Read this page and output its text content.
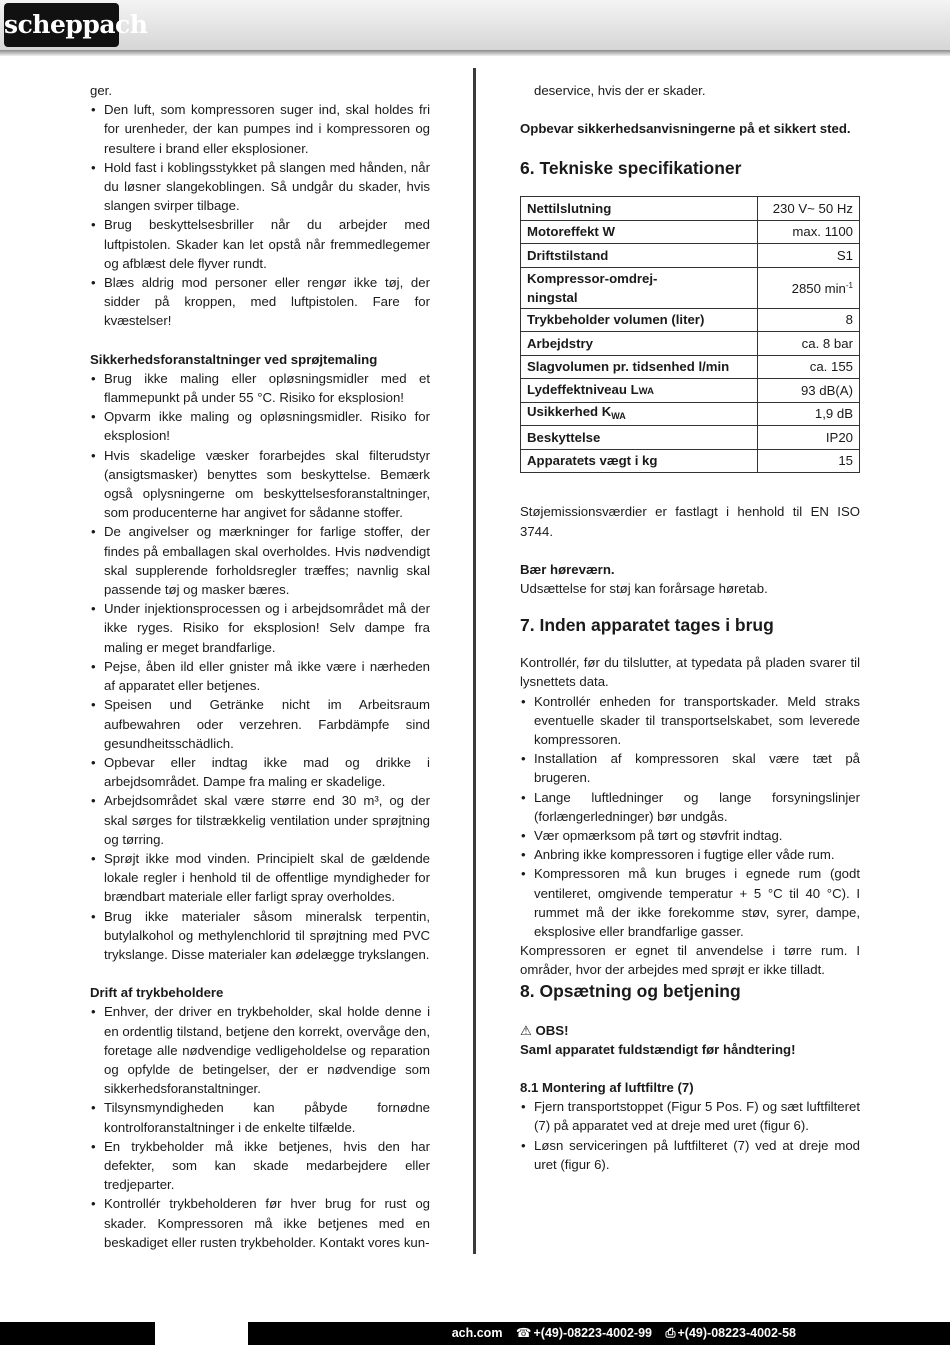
scheppach

ger.

• Den luft, som kompressoren suger ind, skal holdes fri for urenheder, der kan pumpes ind i kompressoren og resultere i brand eller eksplosioner.
• Hold fast i koblingsstykket på slangen med hånden, når du løsner slangekoblingen. Så undgår du skader, hvis slangen svirper tilbage.
• Brug beskyttelsesbriller når du arbejder med luftpistolen. Skader kan let opstå når fremmedlegemer og afblæst dele flyver rundt.
• Blæs aldrig mod personer eller rengør ikke tøj, der sidder på kroppen, med luftpistolen. Fare for kvæstelser!

Sikkerhedsforanstaltninger ved sprøjtemaling

• Brug ikke maling eller opløsningsmidler med et flammepunkt på under 55 °C. Risiko for eksplosion!
• Opvarm ikke maling og opløsningsmidler. Risiko for eksplosion!
• Hvis skadelige væsker forarbejdes skal filterudstyr (ansigtsmasker) benyttes som beskyttelse. Bemærk også oplysningerne om beskyttelsesforanstaltninger, som producenterne har angivet for sådanne stoffer.
• De angivelser og mærkninger for farlige stoffer, der findes på emballagen skal overholdes. Hvis nødvendigt skal supplerende forholdsregler træffes; navnlig skal passende tøj og masker bæres.
• Under injektionsprocessen og i arbejdsområdet må der ikke ryges. Risiko for eksplosion! Selv dampe fra maling er meget brandfarlige.
• Pejse, åben ild eller gnister må ikke være i nærheden af apparatet eller betjenes.
• Speisen und Getränke nicht im Arbeitsraum aufbewahren oder verzehren. Farbdämpfe sind gesundheitsschädlich.
• Opbevar eller indtag ikke mad og drikke i arbejdsområdet. Dampe fra maling er skadelige.
• Arbejdsområdet skal være større end 30 m³, og der skal sørges for tilstrækkelig ventilation under sprøjtning og tørring.
• Sprøjt ikke mod vinden. Principielt skal de gældende lokale regler i henhold til de offentlige myndigheder for brændbart materiale eller farligt spray overholdes.
• Brug ikke materialer såsom mineralsk terpentin, butylalkohol og methylenchlorid til sprøjtning med PVC trykslange. Disse materialer kan ødelægge trykslangen.

Drift af trykbeholdere

• Enhver, der driver en trykbeholder, skal holde denne i en ordentlig tilstand, betjene den korrekt, overvåge den, foretage alle nødvendige vedligeholdelse og reparation og opfylde de betingelser, der er nødvendige som sikkerhedsforanstaltninger.
• Tilsynsmyndigheden kan påbyde fornødne kontrolforanstaltninger i de enkelte tilfælde.
• En trykbeholder må ikke betjenes, hvis den har defekter, som kan skade medarbejdere eller tredjeparter.
• Kontrollér trykbeholderen før hver brug for rust og skader. Kompressoren må ikke betjenes med en beskadiget eller rusten trykbeholder. Kontakt vores kun-

deservice, hvis der er skader.

Opbevar sikkerhedsanvisningerne på et sikkert sted.

6. Tekniske specifikationer

Nettilslutning	230 V~ 50 Hz
Motoreffekt W	max. 1100
Driftstilstand	S1
Kompressor-omdrej-
ningstal	2850 $\min^{-1}$
Trykbeholder volumen (liter)	8
Arbejdstry	ca. 8 bar
Slagvolumen pr. tidsenhed l/min	ca. 155
Lydeffektniveau LWA	93 dB(A)
Usikkerhed $K_{WA}$	1,9 dB
Beskyttelse	IP20
Apparatets vægt i kg	15

Støjemissionsværdier er fastlagt i henhold til EN ISO 3744.

Bær høreværn.

Udsættelse for støj kan forårsage høretab.

7. Inden apparatet tages i brug

Kontrollér, før du tilslutter, at typedata på pladen svarer til lysnettets data.

• Kontrollér enheden for transportskader. Meld straks eventuelle skader til transportselskabet, som leverede kompressoren.
• Installation af kompressoren skal være tæt på brugeren.
• Lange luftledninger og lange forsyningslinjer (forlængerledninger) bør undgås.
• Vær opmærksom på tørt og støvfrit indtag.
• Anbring ikke kompressoren i fugtige eller våde rum.
• Kompressoren må kun bruges i egnede rum (godt ventileret, omgivende temperatur + 5 °C til 40 °C). I rummet må der ikke forekomme støv, syrer, dampe, eksplosive eller brandfarlige gasser.

Kompressoren er egnet til anvendelse i tørre rum. I områder, hvor der arbejdes med sprøjt er ikke tilladt.

8. Opsætning og betjening

⚠ OBS!

Saml apparatet fuldstændigt før håndtering!

8.1 Montering af luftfiltre (7)

• Fjern transportstoppet (Figur 5 Pos. F) og sæt luftfilteret (7) på apparatet ved at dreje med uret (figur 6).
• Løsn serviceringen på luftfilteret (7) ved at dreje mod uret (figur 6).
ach.com ☎ +(49)-08223-4002-99 ⎙ +(49)-08223-4002-58
